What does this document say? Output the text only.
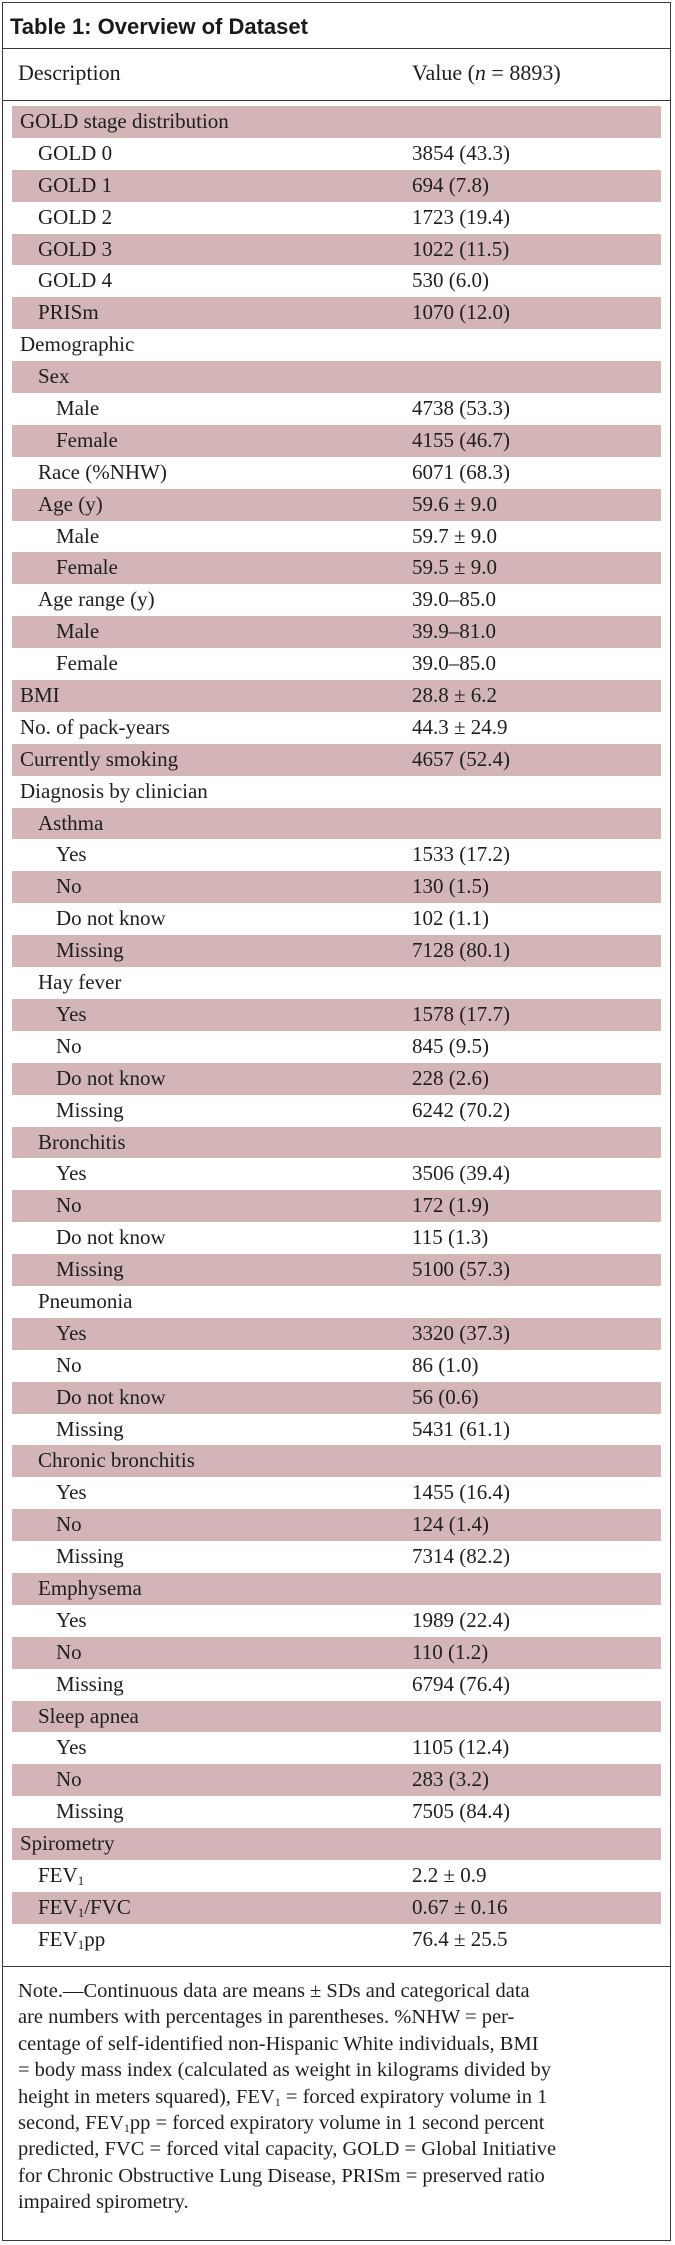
Table 1: Overview of Dataset
Description	Value (n = 8893)
GOLD stage distribution
GOLD 0	3854 (43.3)
GOLD 1	694 (7.8)
GOLD 2	1723 (19.4)
GOLD 3	1022 (11.5)
GOLD 4	530 (6.0)
PRISm	1070 (12.0)
Demographic
Sex
Male	4738 (53.3)
Female	4155 (46.7)
Race (%NHW)	6071 (68.3)
Age (y)	59.6 ± 9.0
Male	59.7 ± 9.0
Female	59.5 ± 9.0
Age range (y)	39.0–85.0
Male	39.9–81.0
Female	39.0–85.0
BMI	28.8 ± 6.2
No. of pack-years	44.3 ± 24.9
Currently smoking	4657 (52.4)
Diagnosis by clinician
Asthma
Yes	1533 (17.2)
No	130 (1.5)
Do not know	102 (1.1)
Missing	7128 (80.1)
Hay fever
Yes	1578 (17.7)
No	845 (9.5)
Do not know	228 (2.6)
Missing	6242 (70.2)
Bronchitis
Yes	3506 (39.4)
No	172 (1.9)
Do not know	115 (1.3)
Missing	5100 (57.3)
Pneumonia
Yes	3320 (37.3)
No	86 (1.0)
Do not know	56 (0.6)
Missing	5431 (61.1)
Chronic bronchitis
Yes	1455 (16.4)
No	124 (1.4)
Missing	7314 (82.2)
Emphysema
Yes	1989 (22.4)
No	110 (1.2)
Missing	6794 (76.4)
Sleep apnea
Yes	1105 (12.4)
No	283 (3.2)
Missing	7505 (84.4)
Spirometry
$FEV_1$	2.2 ± 0.9
$FEV_1$/FVC	0.67 ± 0.16
$FEV_1pp$	76.4 ± 25.5
Note.—Continuous data are means ± SDs and categorical data
are numbers with percentages in parentheses. %NHW = per-
centage of self-identified non-Hispanic White individuals, BMI
= body mass index (calculated as weight in kilograms divided by
height in meters squared), $FEV_1$ = forced expiratory volume in 1
second, $FEV_1pp$ = forced expiratory volume in 1 second percent
predicted, FVC = forced vital capacity, GOLD = Global Initiative
for Chronic Obstructive Lung Disease, PRISm = preserved ratio
impaired spirometry.
